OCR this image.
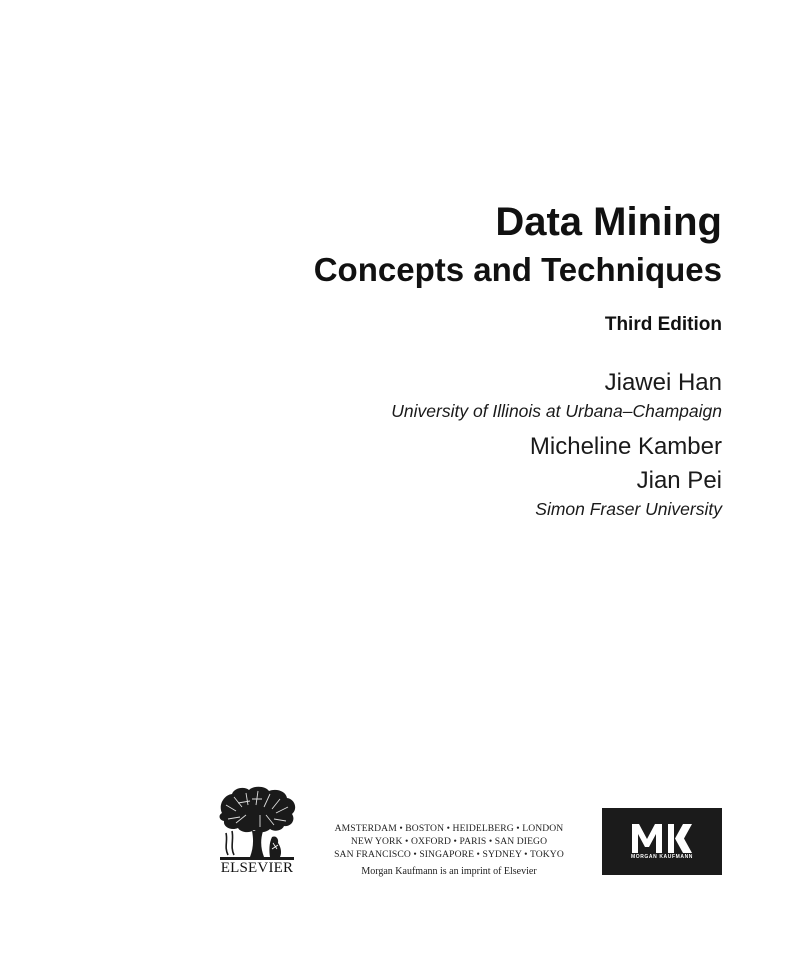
Data Mining
Concepts and Techniques
Third Edition
Jiawei Han
University of Illinois at Urbana–Champaign
Micheline Kamber
Jian Pei
Simon Fraser University
ELSEVIER
AMSTERDAM • BOSTON • HEIDELBERG • LONDON
NEW YORK • OXFORD • PARIS • SAN DIEGO
SAN FRANCISCO • SINGAPORE • SYDNEY • TOKYO
Morgan Kaufmann is an imprint of Elsevier
MORGAN KAUFMANN
